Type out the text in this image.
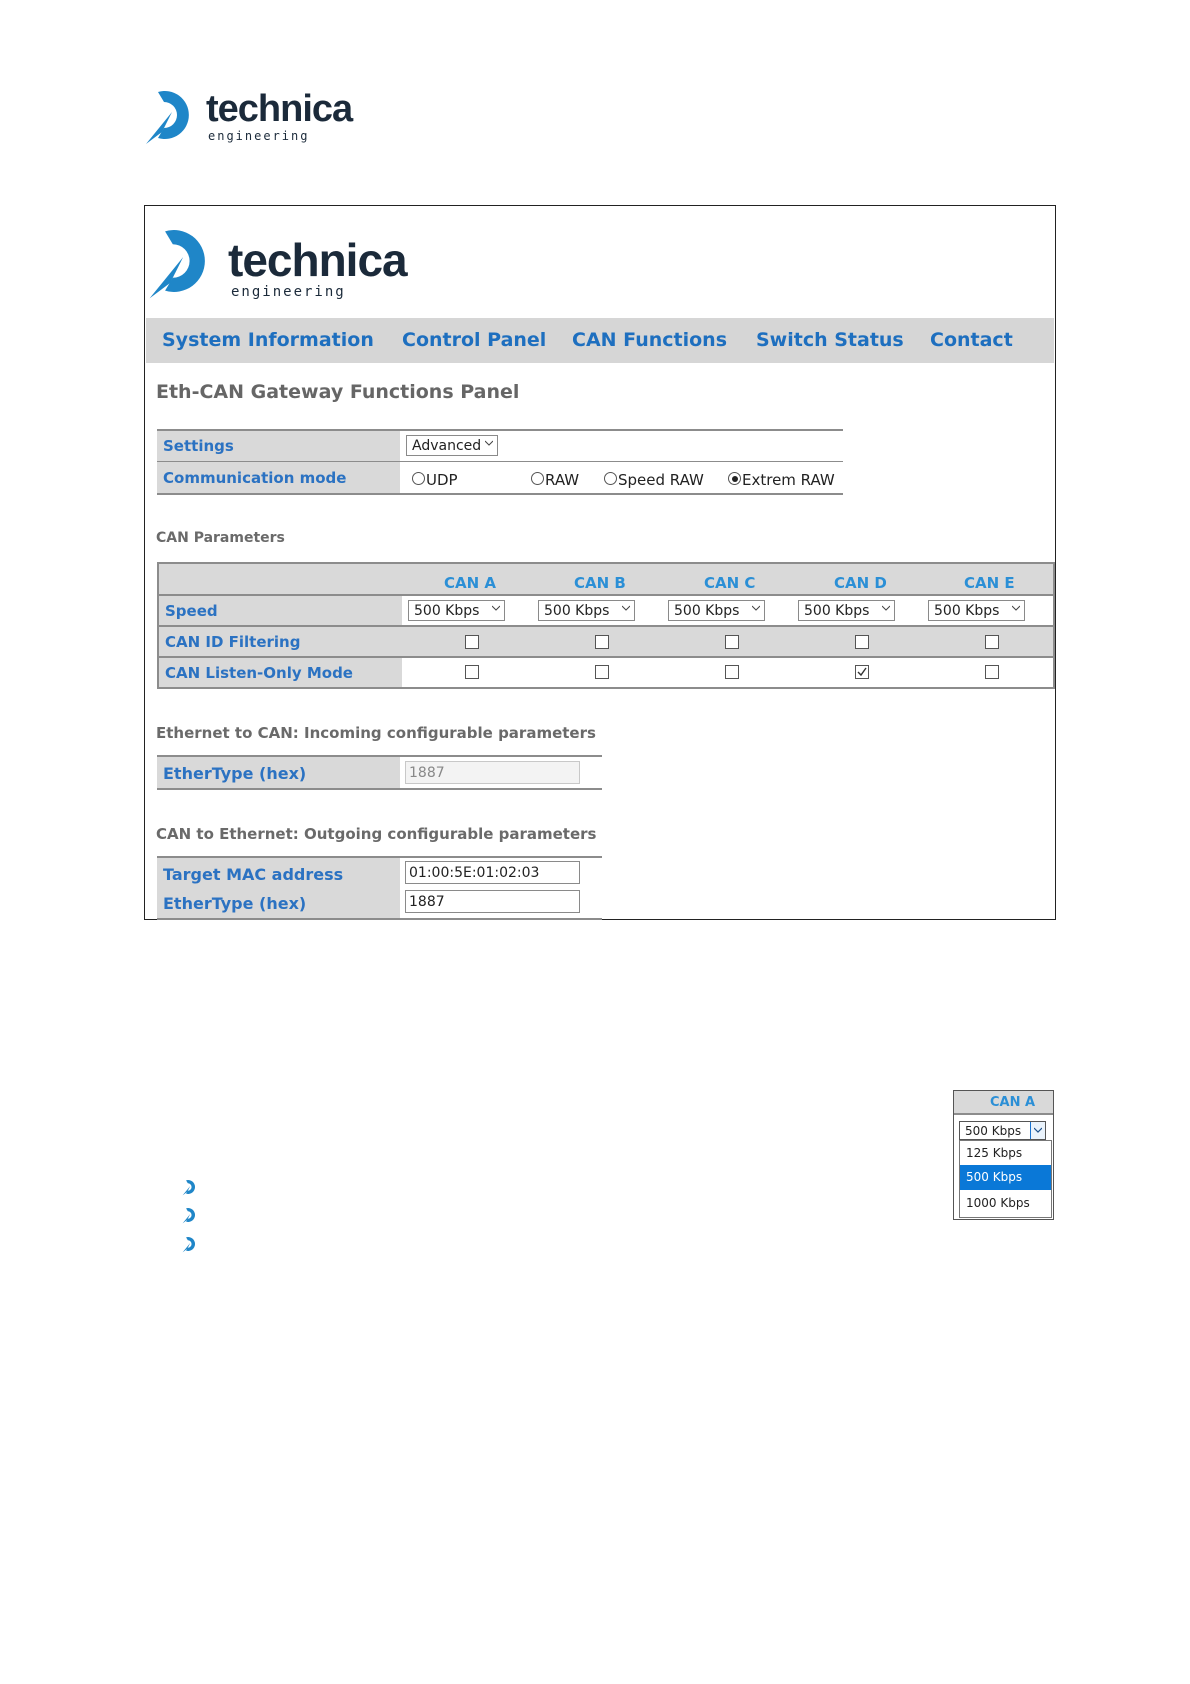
technica
engineering
technica
engineering
System Information Control Panel CAN Functions Switch Status Contact
Eth-CAN Gateway Functions Panel
Settings	Advanced
Communication mode	UDP	RAW	Speed RAW	Extrem RAW
CAN Parameters
CAN A	CAN B	CAN C	CAN D	CAN E
Speed	500 Kbps	500 Kbps	500 Kbps	500 Kbps	500 Kbps
CAN ID Filtering
CAN Listen-Only Mode
Ethernet to CAN: Incoming configurable parameters
EtherType (hex)	1887
CAN to Ethernet: Outgoing configurable parameters
Target MAC address	01:00:5E:01:02:03
EtherType (hex)	1887
CAN A
500 Kbps
125 Kbps
500 Kbps
1000 Kbps
